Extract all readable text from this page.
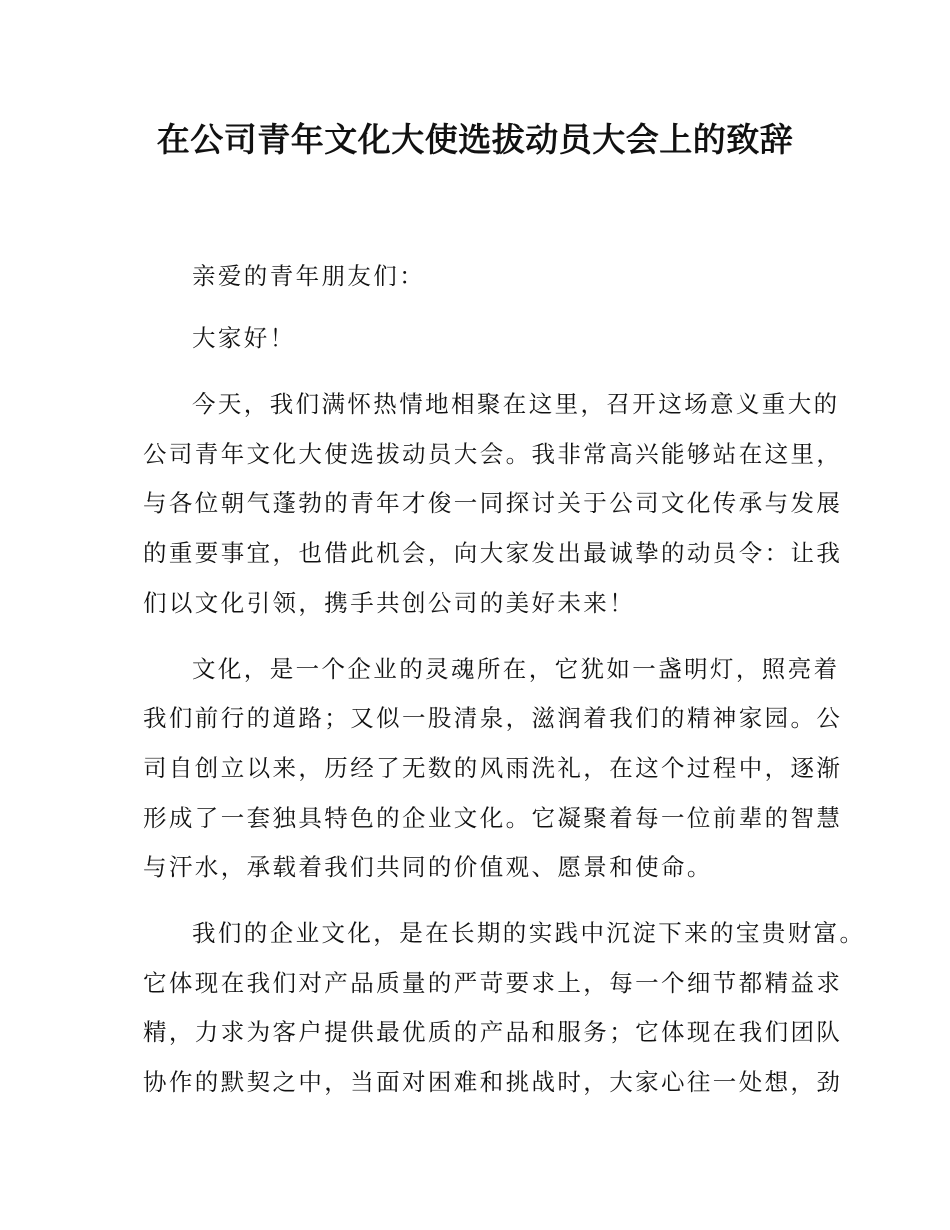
在公司青年文化大使选拔动员大会上的致辞

亲爱的青年朋友们：

大家好！

今天，我们满怀热情地相聚在这里，召开这场意义重大的

公司青年文化大使选拔动员大会。我非常高兴能够站在这里，

与各位朝气蓬勃的青年才俊一同探讨关于公司文化传承与发展

的重要事宜，也借此机会，向大家发出最诚挚的动员令：让我

们以文化引领，携手共创公司的美好未来！

文化，是一个企业的灵魂所在，它犹如一盏明灯，照亮着

我们前行的道路；又似一股清泉，滋润着我们的精神家园。公

司自创立以来，历经了无数的风雨洗礼，在这个过程中，逐渐

形成了一套独具特色的企业文化。它凝聚着每一位前辈的智慧

与汗水，承载着我们共同的价值观、愿景和使命。

我们的企业文化，是在长期的实践中沉淀下来的宝贵财富。

它体现在我们对产品质量的严苛要求上，每一个细节都精益求

精，力求为客户提供最优质的产品和服务；它体现在我们团队

协作的默契之中，当面对困难和挑战时，大家心往一处想，劲
